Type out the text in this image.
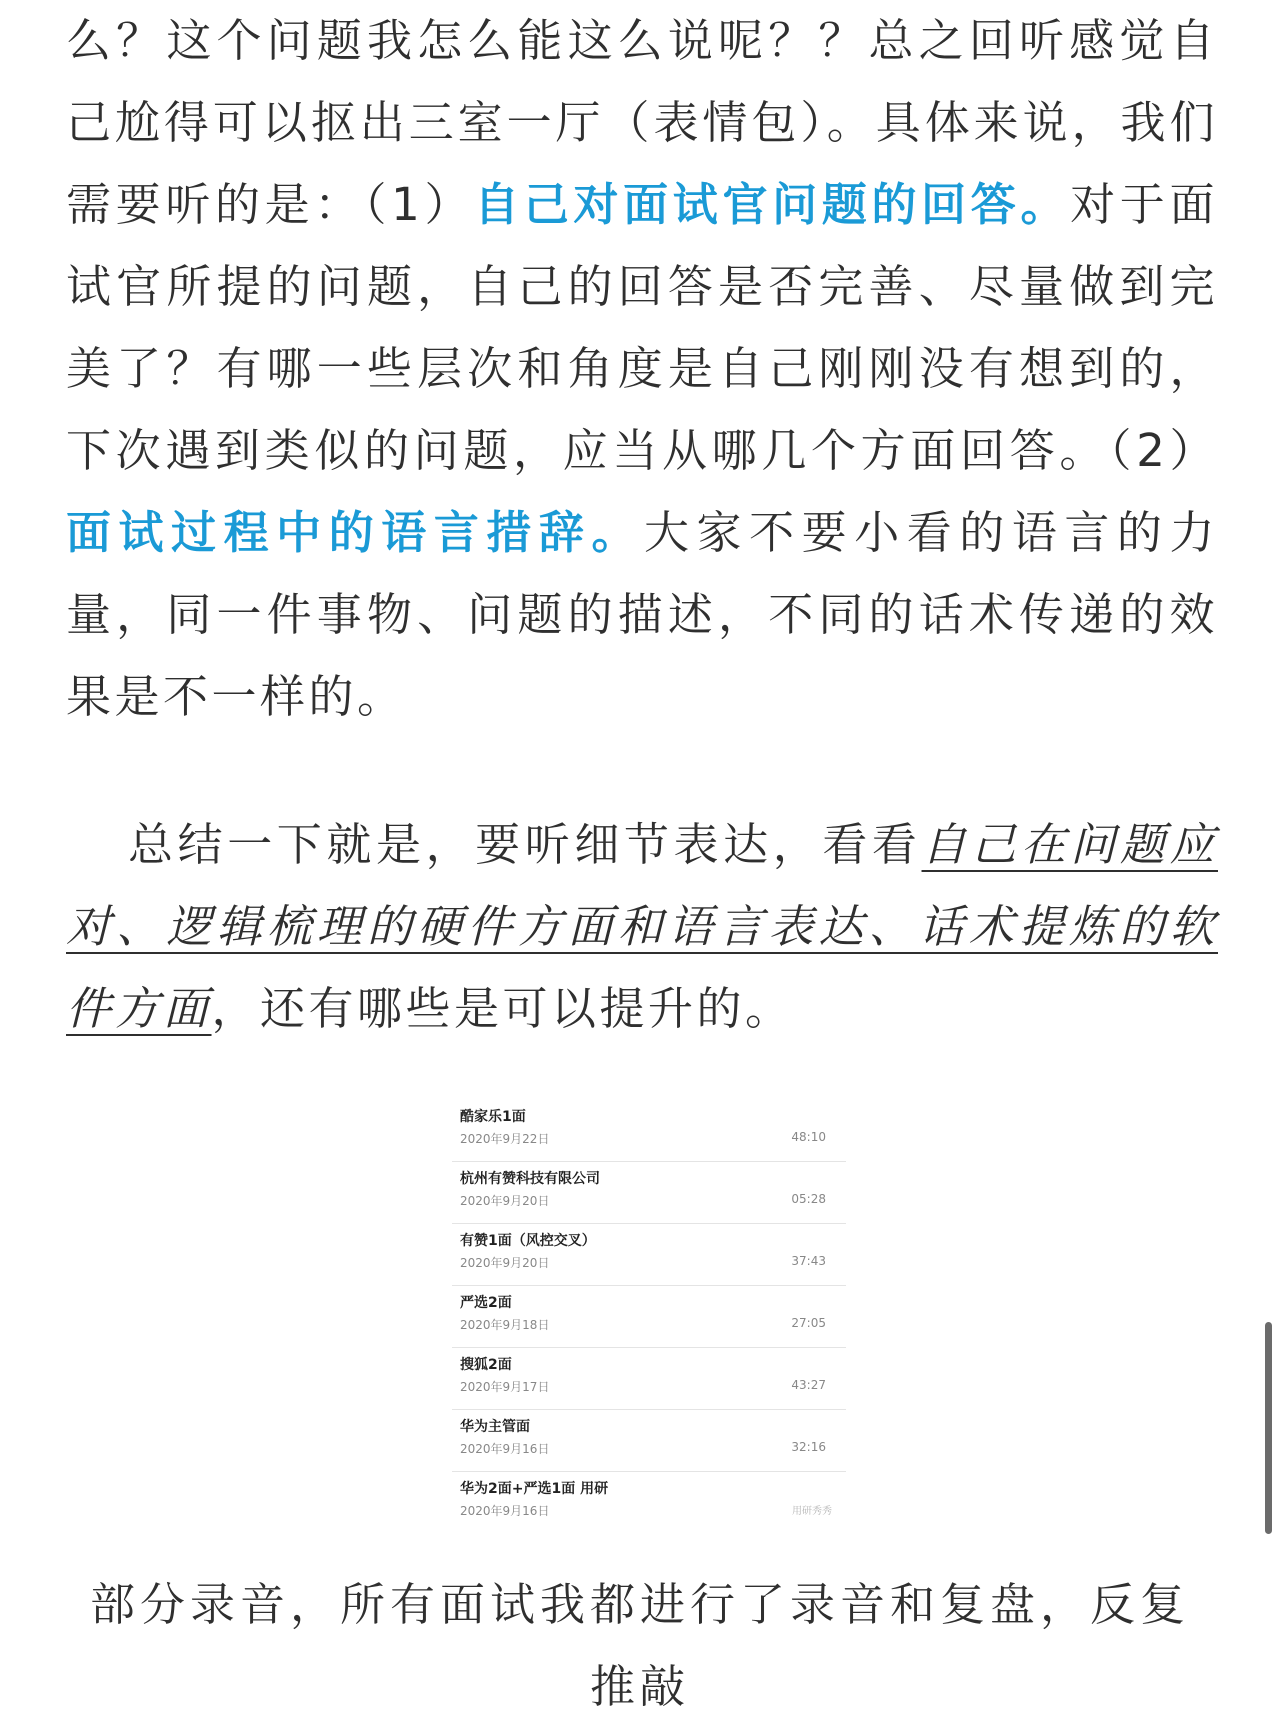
么？这个问题我怎么能这么说呢？？总之回听感觉自己尬得可以抠出三室一厅（表情包）。具体来说，我们需要听的是：（1）自己对面试官问题的回答。对于面试官所提的问题，自己的回答是否完善、尽量做到完美了？有哪一些层次和角度是自己刚刚没有想到的，下次遇到类似的问题，应当从哪几个方面回答。（2）面试过程中的语言措辞。大家不要小看的语言的力量，同一件事物、问题的描述，不同的话术传递的效果是不一样的。

总结一下就是，要听细节表达，看看自己在问题应对、逻辑梳理的硬件方面和语言表达、话术提炼的软件方面，还有哪些是可以提升的。

酷家乐1面
2020年9月22日	48:10
杭州有赞科技有限公司
2020年9月20日	05:28
有赞1面（风控交叉）
2020年9月20日	37:43
严选2面
2020年9月18日	27:05
搜狐2面
2020年9月17日	43:27
华为主管面
2020年9月16日	32:16
华为2面+严选1面 用研
2020年9月16日	用研秀秀

部分录音，所有面试我都进行了录音和复盘，反复推敲
